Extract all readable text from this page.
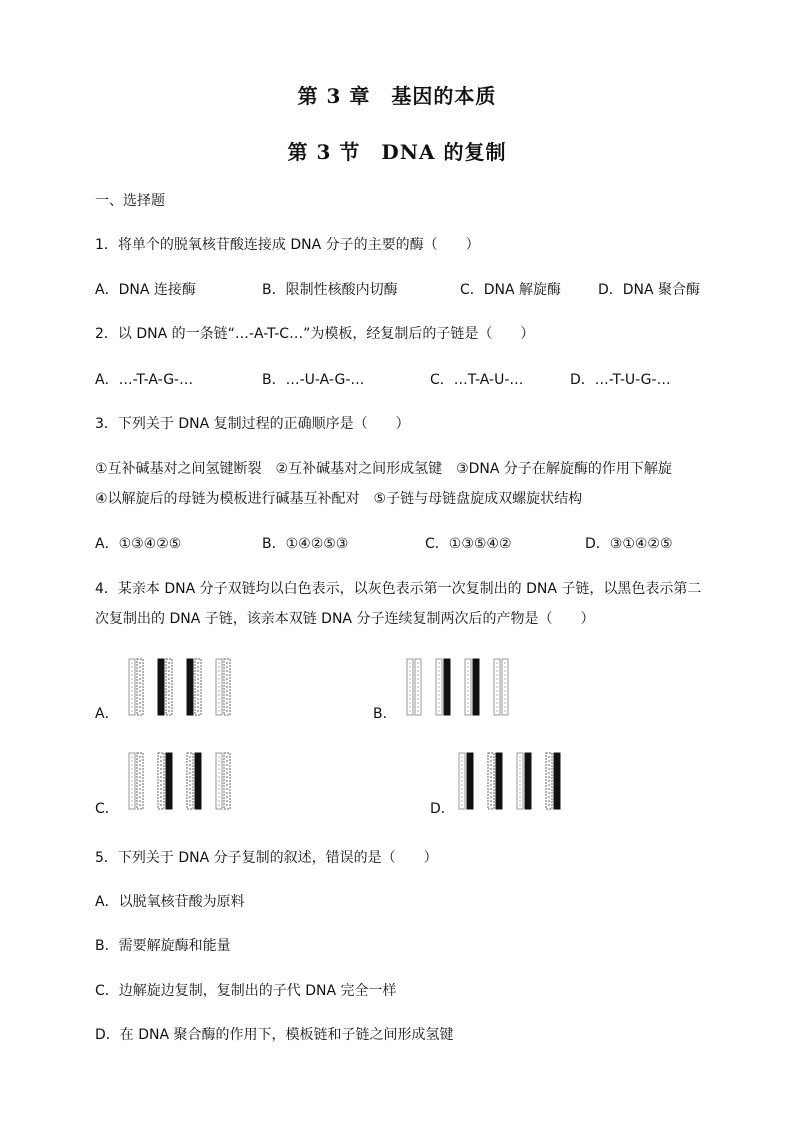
第 3 章　基因的本质
第 3 节　DNA 的复制
一、选择题
1．将单个的脱氧核苷酸连接成 DNA 分子的主要的酶（　　）
A．DNA 连接酶	B．限制性核酸内切酶	C．DNA 解旋酶	D．DNA 聚合酶
2．以 DNA 的一条链“…-A-T-C…”为模板，经复制后的子链是（　　）
A．…-T-A-G-…	B．…-U-A-G-…	C．…T-A-U-…	D．…-T-U-G-…
3．下列关于 DNA 复制过程的正确顺序是（　　）
①互补碱基对之间氢键断裂　②互补碱基对之间形成氢键　③DNA 分子在解旋酶的作用下解旋
④以解旋后的母链为模板进行碱基互补配对　⑤子链与母链盘旋成双螺旋状结构
A．①③④②⑤	B．①④②⑤③	C．①③⑤④②	D．③①④②⑤
4．某亲本 DNA 分子双链均以白色表示，以灰色表示第一次复制出的 DNA 子链，以黑色表示第二
次复制出的 DNA 子链，该亲本双链 DNA 分子连续复制两次后的产物是（　　）
A．	B．
C．	D．
5．下列关于 DNA 分子复制的叙述，错误的是（　　）
A．以脱氧核苷酸为原料
B．需要解旋酶和能量
C．边解旋边复制，复制出的子代 DNA 完全一样
D．在 DNA 聚合酶的作用下，模板链和子链之间形成氢键
